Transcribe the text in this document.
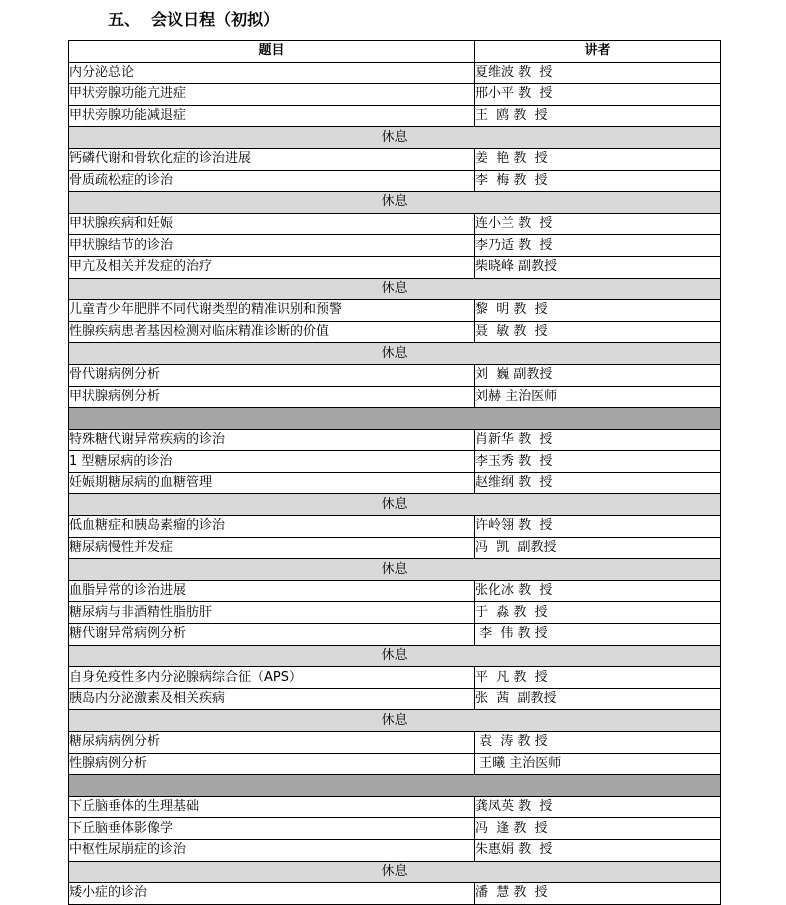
五、  会议日程（初拟）
题目	讲者
内分泌总论	夏维波 教  授
甲状旁腺功能亢进症	邢小平 教  授
甲状旁腺功能减退症	王  鸥 教  授
休息	
钙磷代谢和骨软化症的诊治进展	姜  艳 教  授
骨质疏松症的诊治	李  梅 教  授
休息	
甲状腺疾病和妊娠	连小兰 教  授
甲状腺结节的诊治	李乃适 教  授
甲亢及相关并发症的治疗	柴晓峰 副教授
休息	
儿童青少年肥胖不同代谢类型的精准识别和预警	黎  明 教  授
性腺疾病患者基因检测对临床精准诊断的价值	聂  敏 教  授
休息	
骨代谢病例分析	刘  巍 副教授
甲状腺病例分析	刘赫 主治医师

特殊糖代谢异常疾病的诊治	肖新华 教  授
1 型糖尿病的诊治	李玉秀 教  授
妊娠期糖尿病的血糖管理	赵维纲 教  授
休息	
低血糖症和胰岛素瘤的诊治	许岭翎 教  授
糖尿病慢性并发症	冯  凯  副教授
休息	
血脂异常的诊治进展	张化冰 教  授
糖尿病与非酒精性脂肪肝	于  淼 教  授
糖代谢异常病例分析	李  伟 教 授
休息	
自身免疫性多内分泌腺病综合征（APS）	平  凡 教  授
胰岛内分泌激素及相关疾病	张  茜  副教授
休息	
糖尿病病例分析	袁  涛 教 授
性腺病例分析	王曦 主治医师

下丘脑垂体的生理基础	龚凤英 教  授
下丘脑垂体影像学	冯  逢 教  授
中枢性尿崩症的诊治	朱惠娟 教  授
休息	
矮小症的诊治	潘  慧 教  授
